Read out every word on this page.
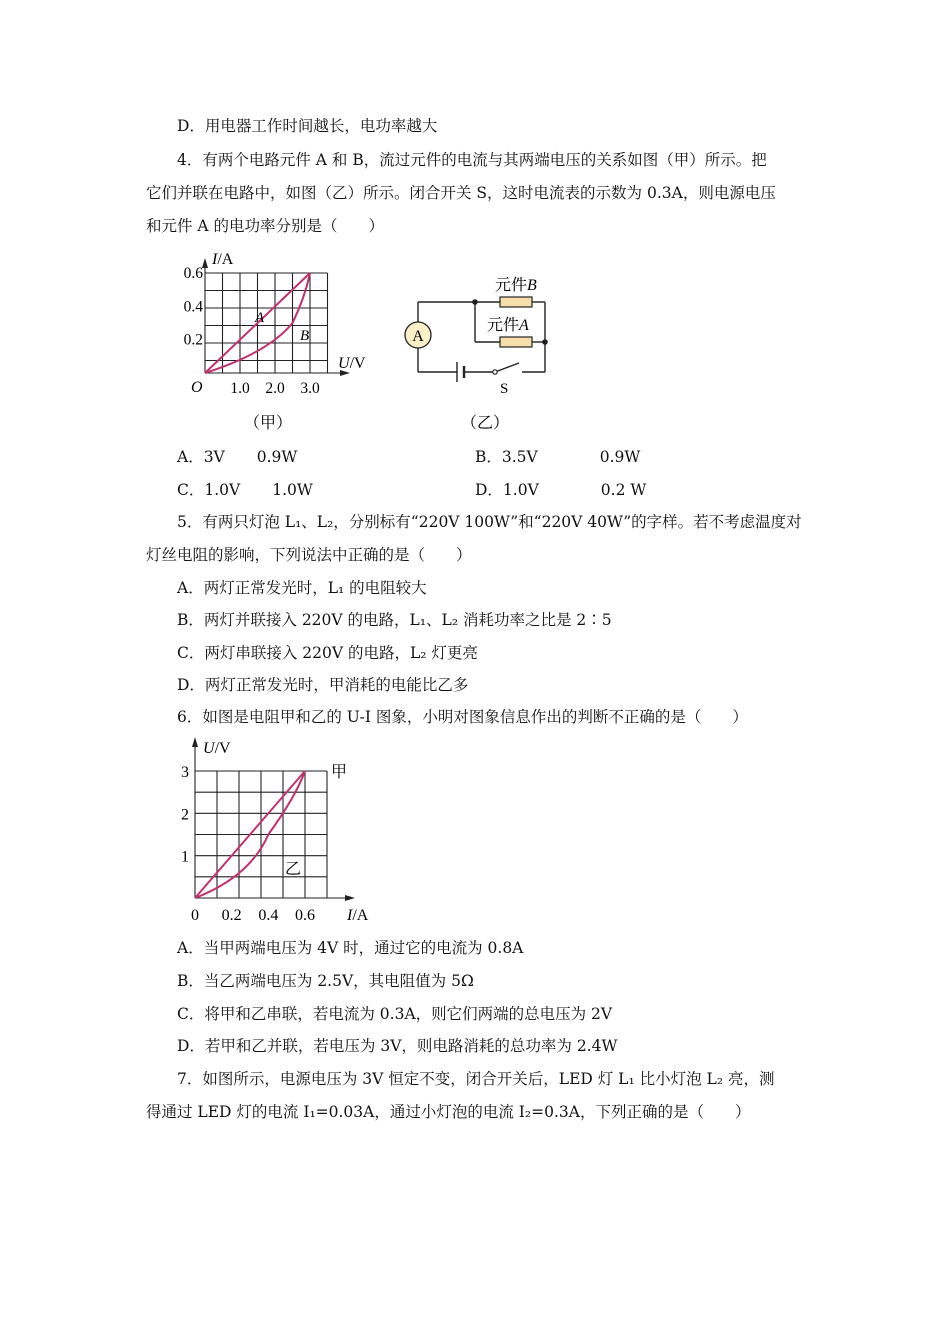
D．用电器工作时间越长，电功率越大
4．有两个电路元件 A 和 B，流过元件的电流与其两端电压的关系如图（甲）所示。把
它们并联在电路中，如图（乙）所示。闭合开关 S，这时电流表的示数为 0.3A，则电源电压
和元件 A 的电功率分别是（　　）
I/A
U/V
O
0.6
0.4
0.2
1.0 2.0 3.0
A
B
（甲）
A
元件B
元件A
S
（乙）
A．3V 0.9W	B．3.5V	0.9W
C．1.0V 1.0W	D．1.0V	0.2 W
5．有两只灯泡 L₁、L₂，分别标有“220V 100W”和“220V 40W”的字样。若不考虑温度对
灯丝电阻的影响，下列说法中正确的是（　　）
A．两灯正常发光时，L₁ 的电阻较大
B．两灯并联接入 220V 的电路，L₁、L₂ 消耗功率之比是 2∶5
C．两灯串联接入 220V 的电路，L₂ 灯更亮
D．两灯正常发光时，甲消耗的电能比乙多
6．如图是电阻甲和乙的 U-I 图象，小明对图象信息作出的判断不正确的是（　　）
U/V
I/A
0
3
2
1
0.2 0.4 0.6
甲
乙
A．当甲两端电压为 4V 时，通过它的电流为 0.8A
B．当乙两端电压为 2.5V，其电阻值为 5Ω
C．将甲和乙串联，若电流为 0.3A，则它们两端的总电压为 2V
D．若甲和乙并联，若电压为 3V，则电路消耗的总功率为 2.4W
7．如图所示，电源电压为 3V 恒定不变，闭合开关后，LED 灯 L₁ 比小灯泡 L₂ 亮，测
得通过 LED 灯的电流 I₁=0.03A，通过小灯泡的电流 I₂=0.3A，下列正确的是（　　）
